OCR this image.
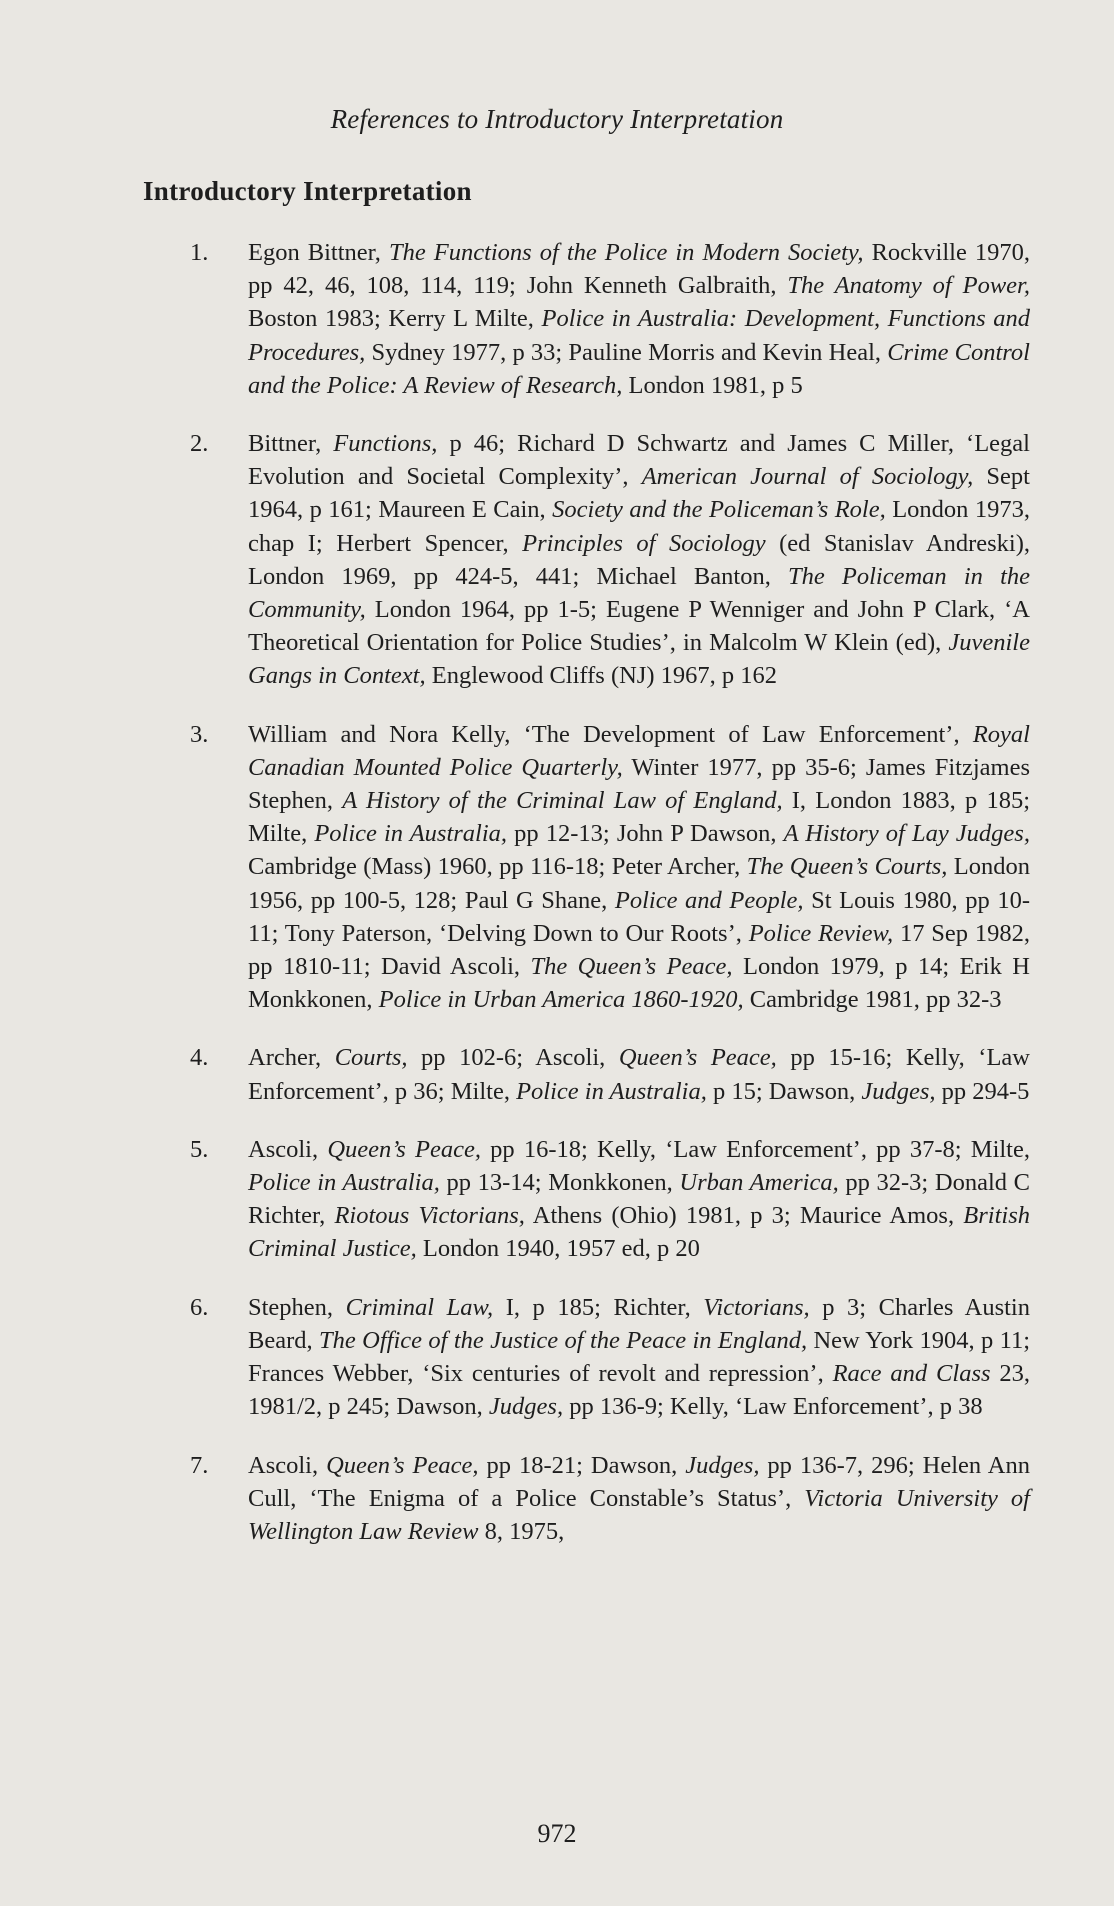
References to Introductory Interpretation
Introductory Interpretation
1. Egon Bittner, The Functions of the Police in Modern Society, Rockville 1970, pp 42, 46, 108, 114, 119; John Kenneth Galbraith, The Anatomy of Power, Boston 1983; Kerry L Milte, Police in Australia: Development, Functions and Procedures, Sydney 1977, p 33; Pauline Morris and Kevin Heal, Crime Control and the Police: A Review of Research, London 1981, p 5
2. Bittner, Functions, p 46; Richard D Schwartz and James C Miller, ‘Legal Evolution and Societal Complexity’, American Journal of Sociology, Sept 1964, p 161; Maureen E Cain, Society and the Policeman’s Role, London 1973, chap I; Herbert Spencer, Principles of Sociology (ed Stanislav Andreski), London 1969, pp 424-5, 441; Michael Banton, The Policeman in the Community, London 1964, pp 1-5; Eugene P Wenniger and John P Clark, ‘A Theoretical Orientation for Police Studies’, in Malcolm W Klein (ed), Juvenile Gangs in Context, Englewood Cliffs (NJ) 1967, p 162
3. William and Nora Kelly, ‘The Development of Law Enforcement’, Royal Canadian Mounted Police Quarterly, Winter 1977, pp 35-6; James Fitzjames Stephen, A History of the Criminal Law of England, I, London 1883, p 185; Milte, Police in Australia, pp 12-13; John P Dawson, A History of Lay Judges, Cambridge (Mass) 1960, pp 116-18; Peter Archer, The Queen’s Courts, London 1956, pp 100-5, 128; Paul G Shane, Police and People, St Louis 1980, pp 10-11; Tony Paterson, ‘Delving Down to Our Roots’, Police Review, 17 Sep 1982, pp 1810-11; David Ascoli, The Queen’s Peace, London 1979, p 14; Erik H Monkkonen, Police in Urban America 1860-1920, Cambridge 1981, pp 32-3
4. Archer, Courts, pp 102-6; Ascoli, Queen’s Peace, pp 15-16; Kelly, ‘Law Enforcement’, p 36; Milte, Police in Australia, p 15; Dawson, Judges, pp 294-5
5. Ascoli, Queen’s Peace, pp 16-18; Kelly, ‘Law Enforcement’, pp 37-8; Milte, Police in Australia, pp 13-14; Monkkonen, Urban America, pp 32-3; Donald C Richter, Riotous Victorians, Athens (Ohio) 1981, p 3; Maurice Amos, British Criminal Justice, London 1940, 1957 ed, p 20
6. Stephen, Criminal Law, I, p 185; Richter, Victorians, p 3; Charles Austin Beard, The Office of the Justice of the Peace in England, New York 1904, p 11; Frances Webber, ‘Six centuries of revolt and repression’, Race and Class 23, 1981/2, p 245; Dawson, Judges, pp 136-9; Kelly, ‘Law Enforcement’, p 38
7. Ascoli, Queen’s Peace, pp 18-21; Dawson, Judges, pp 136-7, 296; Helen Ann Cull, ‘The Enigma of a Police Constable’s Status’, Victoria University of Wellington Law Review 8, 1975,
972
